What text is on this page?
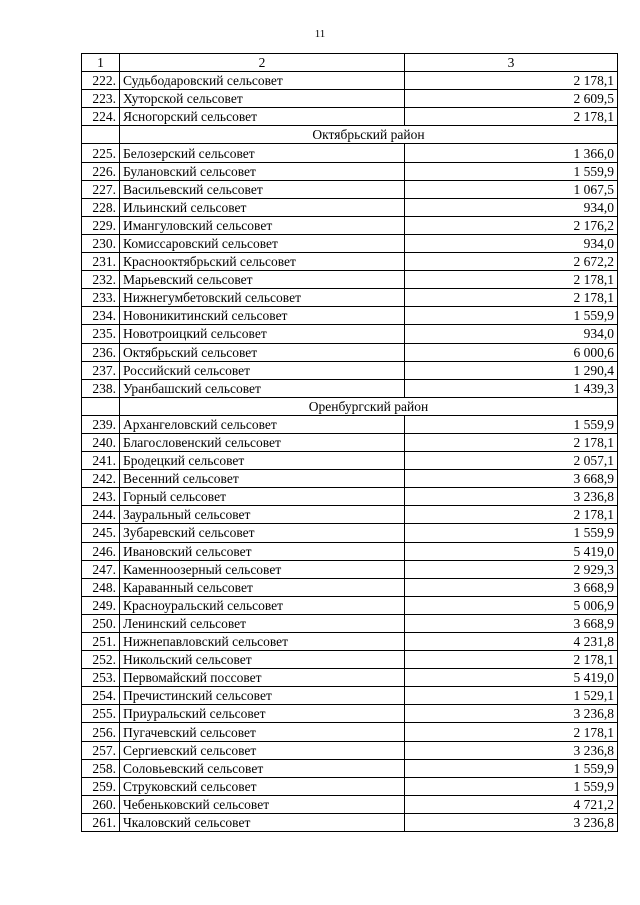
11
1	2	3
222.	Судьбодаровский сельсовет	2 178,1
223.	Хуторской сельсовет	2 609,5
224.	Ясногорский сельсовет	2 178,1
	Октябрьский район	
225.	Белозерский сельсовет	1 366,0
226.	Булановский сельсовет	1 559,9
227.	Васильевский сельсовет	1 067,5
228.	Ильинский сельсовет	934,0
229.	Имангуловский сельсовет	2 176,2
230.	Комиссаровский сельсовет	934,0
231.	Краснооктябрьский сельсовет	2 672,2
232.	Марьевский сельсовет	2 178,1
233.	Нижнегумбетовский сельсовет	2 178,1
234.	Новоникитинский сельсовет	1 559,9
235.	Новотроицкий сельсовет	934,0
236.	Октябрьский сельсовет	6 000,6
237.	Российский сельсовет	1 290,4
238.	Уранбашский сельсовет	1 439,3
	Оренбургский район	
239.	Архангеловский сельсовет	1 559,9
240.	Благословенский сельсовет	2 178,1
241.	Бродецкий сельсовет	2 057,1
242.	Весенний сельсовет	3 668,9
243.	Горный сельсовет	3 236,8
244.	Зауральный сельсовет	2 178,1
245.	Зубаревский сельсовет	1 559,9
246.	Ивановский сельсовет	5 419,0
247.	Каменноозерный сельсовет	2 929,3
248.	Караванный сельсовет	3 668,9
249.	Красноуральский сельсовет	5 006,9
250.	Ленинский сельсовет	3 668,9
251.	Нижнепавловский сельсовет	4 231,8
252.	Никольский сельсовет	2 178,1
253.	Первомайский поссовет	5 419,0
254.	Пречистинский сельсовет	1 529,1
255.	Приуральский сельсовет	3 236,8
256.	Пугачевский сельсовет	2 178,1
257.	Сергиевский сельсовет	3 236,8
258.	Соловьевский сельсовет	1 559,9
259.	Струковский сельсовет	1 559,9
260.	Чебеньковский сельсовет	4 721,2
261.	Чкаловский сельсовет	3 236,8
